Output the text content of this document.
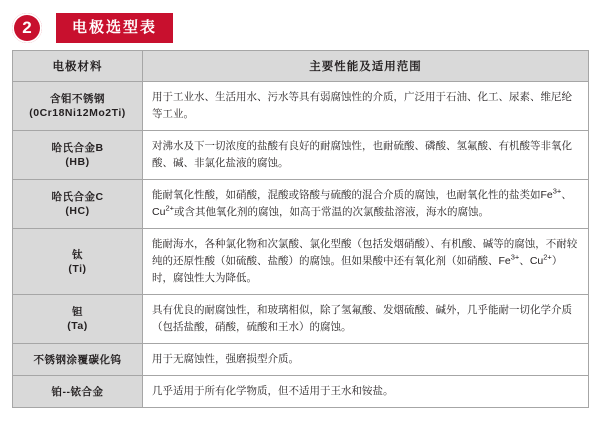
2	电极选型表
电极材料	主要性能及适用范围

含钼不锈钢
(0Cr18Ni12Mo2Ti)	用于工业水、生活用水、污水等具有弱腐蚀性的介质，广泛用于石油、化工、尿素、维尼纶等工业。

哈氏合金B
(HB)	对沸水及下一切浓度的盐酸有良好的耐腐蚀性，也耐硫酸、磷酸、氢氟酸、有机酸等非氧化酸、碱、非氯化盐液的腐蚀。

哈氏合金C
(HC)	能耐氧化性酸，如硝酸，混酸或铬酸与硫酸的混合介质的腐蚀，也耐氧化性的盐类如$Fe^{3+}$、$Cu^{2+}$或含其他氧化剂的腐蚀，如高于常温的次氯酸盐溶液，海水的腐蚀。

钛
(Ti)	能耐海水，各种氯化物和次氯酸、氯化型酸（包括发烟硝酸）、有机酸、碱等的腐蚀，不耐较纯的还原性酸（如硫酸、盐酸）的腐蚀。但如果酸中还有氧化剂（如硝酸、$Fe^{3+}$、$Cu^{2+}$）时，腐蚀性大为降低。

钽
(Ta)	具有优良的耐腐蚀性，和玻璃相似，除了氢氟酸、发烟硫酸、碱外，几乎能耐一切化学介质（包括盐酸，硝酸，硫酸和王水）的腐蚀。
不锈钢涂覆碳化钨	用于无腐蚀性，强磨损型介质。
铂--铱合金	几乎适用于所有化学物质，但不适用于王水和铵盐。
